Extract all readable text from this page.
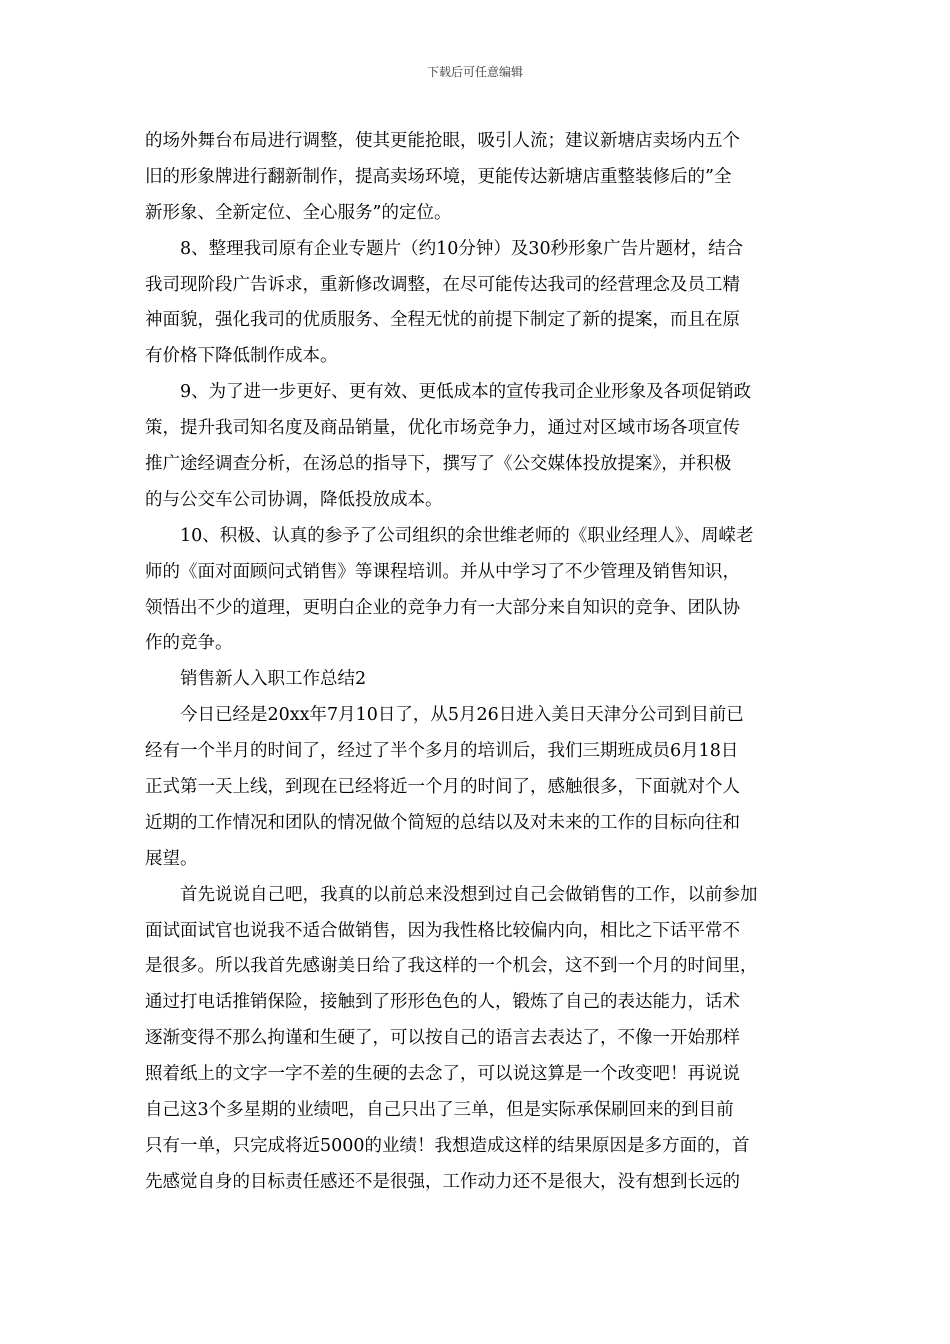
下载后可任意编辑
的场外舞台布局进行调整，使其更能抢眼，吸引人流；建议新塘店卖场内五个
旧的形象牌进行翻新制作，提高卖场环境，更能传达新塘店重整装修后的”全
新形象、全新定位、全心服务”的定位。
8、整理我司原有企业专题片（约10分钟）及30秒形象广告片题材，结合
我司现阶段广告诉求，重新修改调整，在尽可能传达我司的经营理念及员工精
神面貌，强化我司的优质服务、全程无忧的前提下制定了新的提案，而且在原
有价格下降低制作成本。
9、为了进一步更好、更有效、更低成本的宣传我司企业形象及各项促销政
策，提升我司知名度及商品销量，优化市场竞争力，通过对区域市场各项宣传
推广途经调查分析，在汤总的指导下，撰写了《公交媒体投放提案》，并积极
的与公交车公司协调，降低投放成本。
10、积极、认真的参予了公司组织的余世维老师的《职业经理人》、周嵘老
师的《面对面顾问式销售》等课程培训。并从中学习了不少管理及销售知识，
领悟出不少的道理，更明白企业的竞争力有一大部分来自知识的竞争、团队协
作的竞争。
销售新人入职工作总结2
今日已经是20xx年7月10日了，从5月26日进入美日天津分公司到目前已
经有一个半月的时间了，经过了半个多月的培训后，我们三期班成员6月18日
正式第一天上线，到现在已经将近一个月的时间了，感触很多，下面就对个人
近期的工作情况和团队的情况做个简短的总结以及对未来的工作的目标向往和
展望。
首先说说自己吧，我真的以前总来没想到过自己会做销售的工作，以前参加
面试面试官也说我不适合做销售，因为我性格比较偏内向，相比之下话平常不
是很多。所以我首先感谢美日给了我这样的一个机会，这不到一个月的时间里，
通过打电话推销保险，接触到了形形色色的人，锻炼了自己的表达能力，话术
逐渐变得不那么拘谨和生硬了，可以按自己的语言去表达了，不像一开始那样
照着纸上的文字一字不差的生硬的去念了，可以说这算是一个改变吧！再说说
自己这3个多星期的业绩吧，自己只出了三单，但是实际承保刷回来的到目前
只有一单，只完成将近5000的业绩！我想造成这样的结果原因是多方面的，首
先感觉自身的目标责任感还不是很强，工作动力还不是很大，没有想到长远的
